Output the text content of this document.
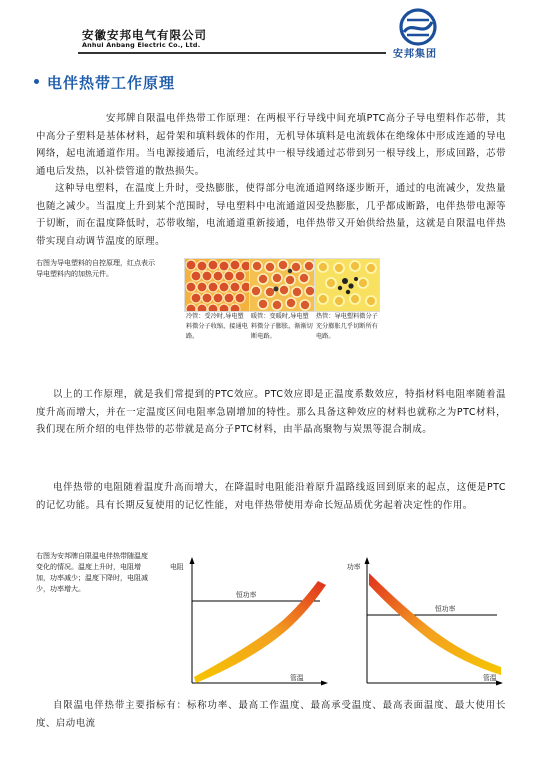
安徽安邦电气有限公司
Anhui Anbang Electric Co., Ltd.
安邦集团
电伴热带工作原理
安邦牌自限温电伴热带工作原理：在两根平行导线中间充填PTC高分子导电塑料作芯带，其中高分子塑料是基体材料，起骨架和填料载体的作用，无机导体填料是电流载体在绝缘体中形成连通的导电网络，起电流通道作用。当电源接通后，电流经过其中一根导线通过芯带到另一根导线上，形成回路，芯带通电后发热，以补偿管道的散热损失。
这种导电塑料，在温度上升时，受热膨胀，使得部分电流通道网络逐步断开，通过的电流减少，发热量也随之减少。当温度上升到某个范围时，导电塑料中电流通道因受热膨胀，几乎都成断路，电伴热带电源等于切断，而在温度降低时，芯带收缩，电流通道重新接通，电伴热带又开始供给热量，这就是自限温电伴热带实现自动调节温度的原理。
右图为导电塑料的自控原理，红点表示导电塑料内的加热元件。
冷管：受冷时,导电塑料微分子收缩，接通电路。
暖管：变暖时,导电塑料微分子膨胀，渐渐切断电路。
热管：导电塑料微分子充分膨胀几乎切断所有电路。
以上的工作原理，就是我们常提到的PTC效应。PTC效应即是正温度系数效应，特指材料电阻率随着温度升高而增大，并在一定温度区间电阻率急剧增加的特性。那么具备这种效应的材料也就称之为PTC材料，我们现在所介绍的电伴热带的芯带就是高分子PTC材料，由半晶高聚物与炭黑等混合制成。
电伴热带的电阻随着温度升高而增大，在降温时电阻能沿着原升温路线返回到原来的起点，这便是PTC的记忆功能。具有长期反复使用的记忆性能，对电伴热带使用寿命长短品质优劣起着决定性的作用。
右图为安邦牌自限温电伴热带随温度变化的情况。温度上升时，电阻增加，功率减少；温度下降时，电阻减少，功率增大。
电阻
管温
恒功率
功率
管温
恒功率
自限温电伴热带主要指标有：标称功率、最高工作温度、最高承受温度、最高表面温度、最大使用长度、启动电流
